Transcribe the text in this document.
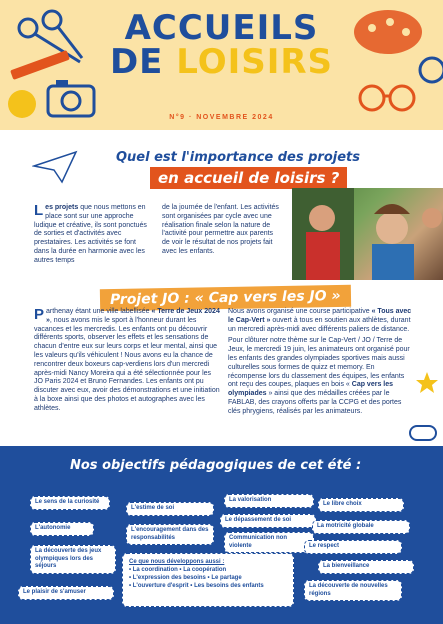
ACCUEILS
DE LOISIRS
N°9 · NOVEMBRE 2024
Quel est l'importance des projets
en accueil de loisirs ?
Les projets que nous mettons en place sont sur une approche ludique et créative, ils sont ponctués de sorties et d'activités avec prestataires. Les activités se font dans la durée en harmonie avec les autres temps
de la journée de l'enfant. Les activités sont organisées par cycle avec une réalisation finale selon la nature de l'activité pour permettre aux parents de voir le résultat de nos projets fait avec les enfants.
Projet JO : « Cap vers les JO »
Parthenay étant une ville labellisée « Terre de Jeux 2024 », nous avons mis le sport à l'honneur durant les vacances et les mercredis. Les enfants ont pu découvrir différents sports, observer les effets et les sensations de chacun d'entre eux sur leurs corps et leur mental, ainsi que les valeurs qu'ils véhiculent ! Nous avons eu la chance de rencontrer deux boxeurs cap-verdiens lors d'un mercredi après-midi Nancy Moreira qui a été sélectionnée pour les JO Paris 2024 et Bruno Fernandes. Les enfants ont pu discuter avec eux, avoir des démonstrations et une initiation à la boxe ainsi que des photos et autographes avec les athlètes.

Nous avons organisé une course participative « Tous avec le Cap-Vert » ouvert à tous en soutien aux athlètes, durant un mercredi après-midi avec différents paliers de distance.

Pour clôturer notre thème sur le Cap-Vert / JO / Terre de Jeux, le mercredi 19 juin, les animateurs ont organisé pour les enfants des grandes olympiades sportives mais aussi culturelles sous formes de quizz et memory. En récompense lors du classement des équipes, les enfants ont reçu des coupes, plaques en bois « Cap vers les olympiades » ainsi que des médailles créées par le FABLAB, des crayons offerts par la CCPG et des portes clés phrygiens, réalisés par les animateurs.

Nos objectifs pédagogiques de cet été :
Le sens de la curiosité
L'autonomie
La découverte des jeux olympiques lors des séjours
Le plaisir de s'amuser
L'estime de soi
L'encouragement dans des responsabilités
La valorisation
Le dépassement de soi
Communication non violente
Ce que nous développons aussi :
• La coordination • La coopération
• L'expression des besoins • Le partage
• L'ouverture d'esprit • Les besoins des enfants
Le libre choix
La motricité globale
Le respect
La bienveillance
La découverte de nouvelles régions
